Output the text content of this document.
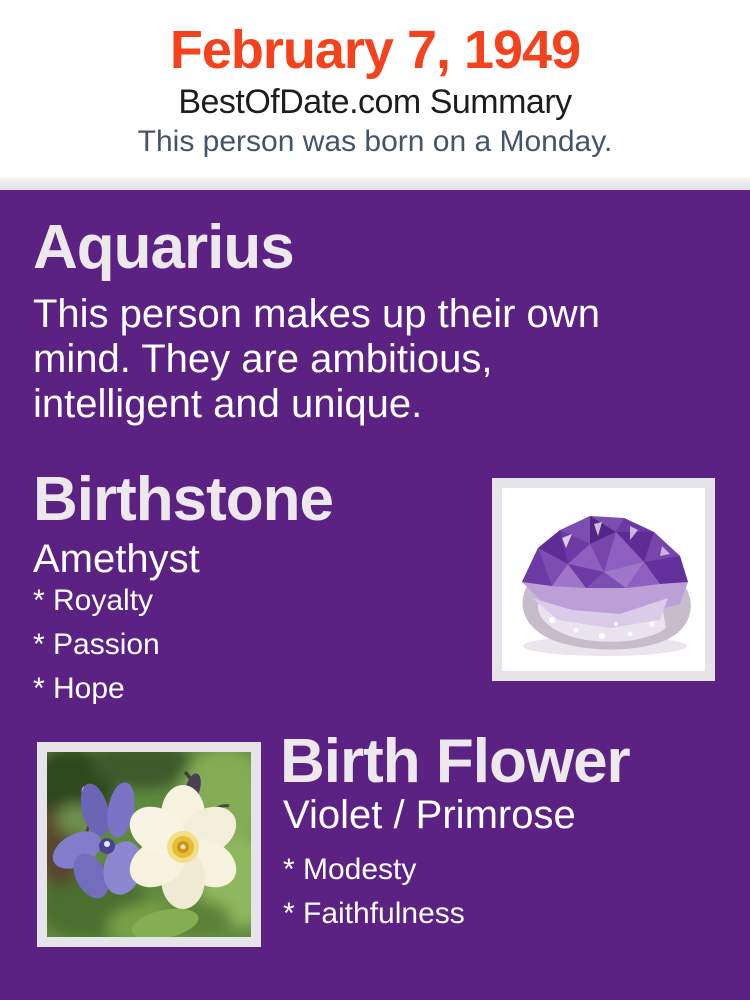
February 7, 1949
BestOfDate.com Summary
This person was born on a Monday.
Aquarius
This person makes up their own
mind. They are ambitious,
intelligent and unique.
Birthstone
Amethyst
* Royalty
* Passion
* Hope
Birth Flower
Violet / Primrose
* Modesty
* Faithfulness
